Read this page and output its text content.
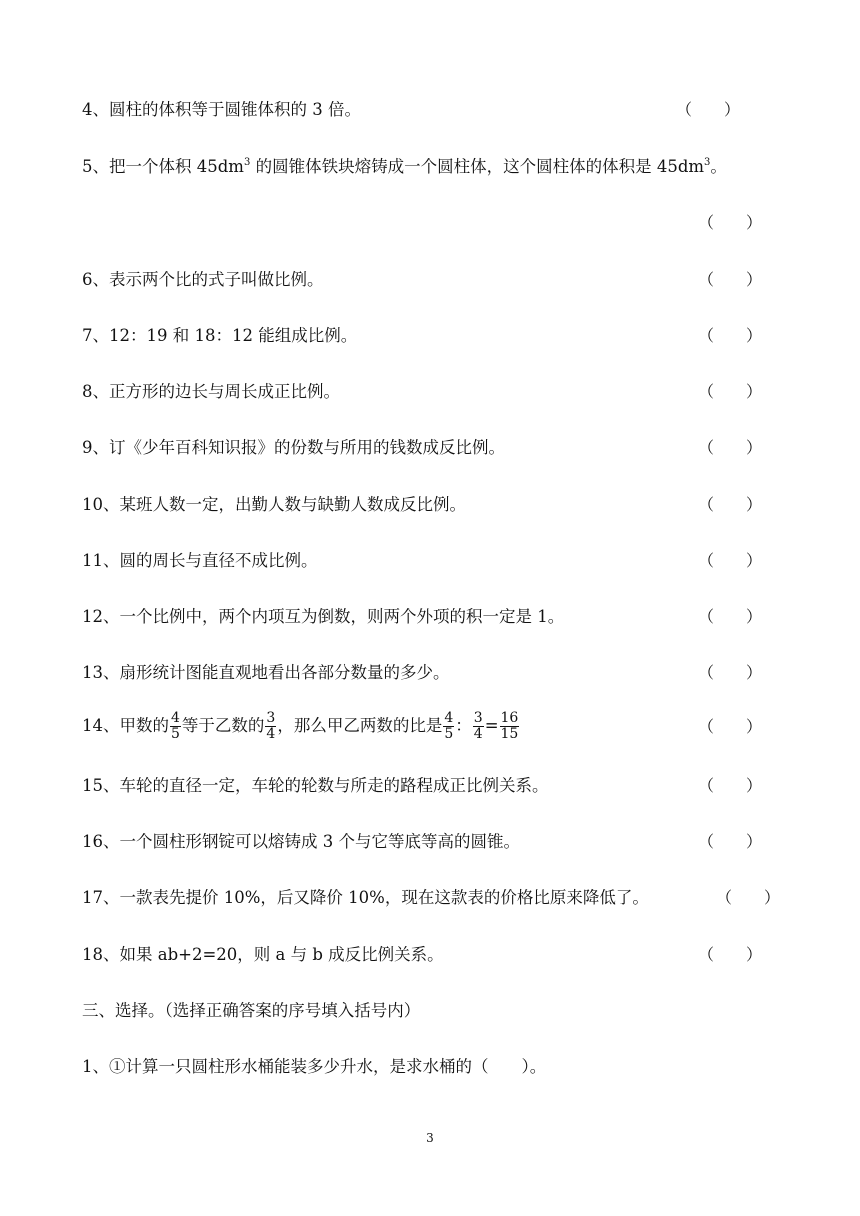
4、圆柱的体积等于圆锥体积的 3 倍。	（　　）
5、把一个体积 $45dm^3$ 的圆锥体铁块熔铸成一个圆柱体，这个圆柱体的体积是 $45dm^3$。
（　　）
6、表示两个比的式子叫做比例。	（　　）
7、12：19 和 18：12 能组成比例。	（　　）
8、正方形的边长与周长成正比例。	（　　）
9、订《少年百科知识报》的份数与所用的钱数成反比例。	（　　）
10、某班人数一定，出勤人数与缺勤人数成反比例。	（　　）
11、圆的周长与直径不成比例。	（　　）
12、一个比例中，两个内项互为倒数，则两个外项的积一定是 1。	（　　）
13、扇形统计图能直观地看出各部分数量的多少。	（　　）
14、甲数的 $\frac{4}{5}$ 等于乙数的 $\frac{3}{4}$ ，那么甲乙两数的比是 $\frac{4}{5}$ ： $\frac{3}{4} = \frac{16}{15}$	（　　）
15、车轮的直径一定，车轮的轮数与所走的路程成正比例关系。	（　　）
16、一个圆柱形钢锭可以熔铸成 3 个与它等底等高的圆锥。	（　　）
17、一款表先提价 10%，后又降价 10%，现在这款表的价格比原来降低了。	（　　）
18、如果 ab+2=20，则 a 与 b 成反比例关系。	（　　）
三、选择。（选择正确答案的序号填入括号内）
1、①计算一只圆柱形水桶能装多少升水，是求水桶的（　　）。
3
